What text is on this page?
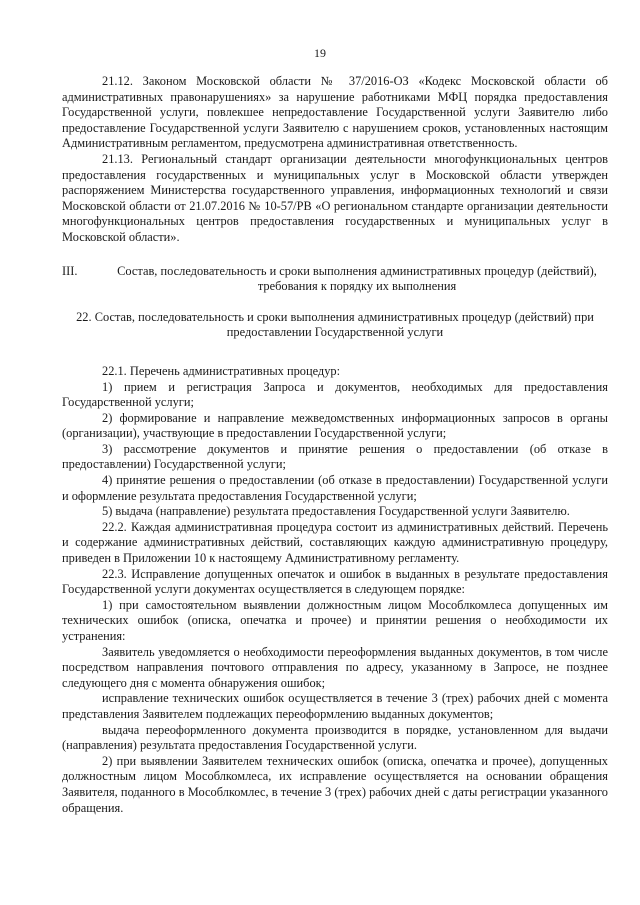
19

21.12. Законом Московской области № 37/2016-ОЗ «Кодекс Московской области об административных правонарушениях» за нарушение работниками МФЦ порядка предоставления Государственной услуги, повлекшее непредоставление Государственной услуги Заявителю либо предоставление Государственной услуги Заявителю с нарушением сроков, установленных настоящим Административным регламентом, предусмотрена административная ответственность.

21.13. Региональный стандарт организации деятельности многофункциональных центров предоставления государственных и муниципальных услуг в Московской области утвержден распоряжением Министерства государственного управления, информационных технологий и связи Московской области от 21.07.2016 № 10-57/РВ «О региональном стандарте организации деятельности многофункциональных центров предоставления государственных и муниципальных услуг в Московской области».

III.	Состав, последовательность и сроки выполнения административных процедур (действий), требования к порядку их выполнения

22. Состав, последовательность и сроки выполнения административных процедур (действий) при предоставлении Государственной услуги

22.1. Перечень административных процедур:

1) прием и регистрация Запроса и документов, необходимых для предоставления Государственной услуги;

2) формирование и направление межведомственных информационных запросов в органы (организации), участвующие в предоставлении Государственной услуги;

3) рассмотрение документов и принятие решения о предоставлении (об отказе в предоставлении) Государственной услуги;

4) принятие решения о предоставлении (об отказе в предоставлении) Государственной услуги и оформление результата предоставления Государственной услуги;

5) выдача (направление) результата предоставления Государственной услуги Заявителю.

22.2. Каждая административная процедура состоит из административных действий. Перечень и содержание административных действий, составляющих каждую административную процедуру, приведен в Приложении 10 к настоящему Административному регламенту.

22.3. Исправление допущенных опечаток и ошибок в выданных в результате предоставления Государственной услуги документах осуществляется в следующем порядке:

1) при самостоятельном выявлении должностным лицом Мособлкомлеса допущенных им технических ошибок (описка, опечатка и прочее) и принятии решения о необходимости их устранения:

Заявитель уведомляется о необходимости переоформления выданных документов, в том числе посредством направления почтового отправления по адресу, указанному в Запросе, не позднее следующего дня с момента обнаружения ошибок;

исправление технических ошибок осуществляется в течение 3 (трех) рабочих дней с момента представления Заявителем подлежащих переоформлению выданных документов;

выдача переоформленного документа производится в порядке, установленном для выдачи (направления) результата предоставления Государственной услуги.

2) при выявлении Заявителем технических ошибок (описка, опечатка и прочее), допущенных должностным лицом Мособлкомлеса, их исправление осуществляется на основании обращения Заявителя, поданного в Мособлкомлес, в течение 3 (трех) рабочих дней с даты регистрации указанного обращения.
